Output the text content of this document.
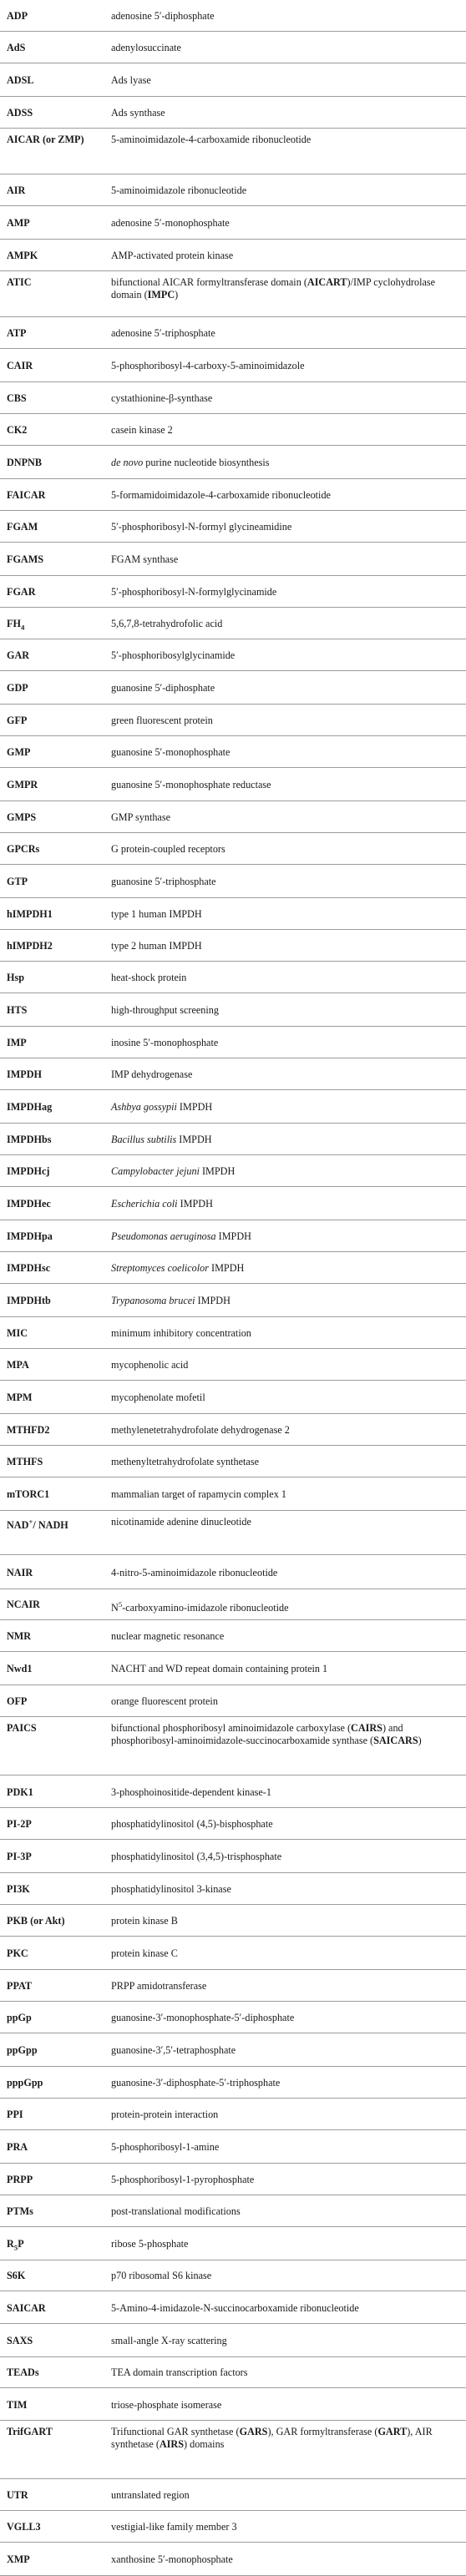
ADP	adenosine 5′-diphosphate
AdS	adenylosuccinate
ADSL	Ads lyase
ADSS	Ads synthase
AICAR (or ZMP)	5-aminoimidazole-4-carboxamide ribonucleotide
AIR	5-aminoimidazole ribonucleotide
AMP	adenosine 5′-monophosphate
AMPK	AMP-activated protein kinase
ATIC	bifunctional AICAR formyltransferase domain (AICART)/IMP cyclohydrolase domain (IMPC)
ATP	adenosine 5′-triphosphate
CAIR	5-phosphoribosyl-4-carboxy-5-aminoimidazole
CBS	cystathionine-β-synthase
CK2	casein kinase 2
DNPNB	de novo purine nucleotide biosynthesis
FAICAR	5-formamidoimidazole-4-carboxamide ribonucleotide
FGAM	5′-phosphoribosyl-N-formyl glycineamidine
FGAMS	FGAM synthase
FGAR	5′-phosphoribosyl-N-formylglycinamide
$FH_4$	5,6,7,8-tetrahydrofolic acid
GAR	5′-phosphoribosylglycinamide
GDP	guanosine 5′-diphosphate
GFP	green fluorescent protein
GMP	guanosine 5′-monophosphate
GMPR	guanosine 5′-monophosphate reductase
GMPS	GMP synthase
GPCRs	G protein-coupled receptors
GTP	guanosine 5′-triphosphate
hIMPDH1	type 1 human IMPDH
hIMPDH2	type 2 human IMPDH
Hsp	heat-shock protein
HTS	high-throughput screening
IMP	inosine 5′-monophosphate
IMPDH	IMP dehydrogenase
IMPDHag	Ashbya gossypii IMPDH
IMPDHbs	Bacillus subtilis IMPDH
IMPDHcj	Campylobacter jejuni IMPDH
IMPDHec	Escherichia coli IMPDH
IMPDHpa	Pseudomonas aeruginosa IMPDH
IMPDHsc	Streptomyces coelicolor IMPDH
IMPDHtb	Trypanosoma brucei IMPDH
MIC	minimum inhibitory concentration
MPA	mycophenolic acid
MPM	mycophenolate mofetil
MTHFD2	methylenetetrahydrofolate dehydrogenase 2
MTHFS	methenyltetrahydrofolate synthetase
mTORC1	mammalian target of rapamycin complex 1
NAD+/ NADH	nicotinamide adenine dinucleotide
NAIR	4-nitro-5-aminoimidazole ribonucleotide
NCAIR	$N^5-carboxyamino$-imidazole ribonucleotide
NMR	nuclear magnetic resonance
Nwd1	NACHT and WD repeat domain containing protein 1
OFP	orange fluorescent protein
PAICS	bifunctional phosphoribosyl aminoimidazole carboxylase (CAIRS) and phosphoribosyl-aminoimidazole-succinocarboxamide synthase (SAICARS)
PDK1	3-phosphoinositide-dependent kinase-1
PI-2P	phosphatidylinositol (4,5)-bisphosphate
PI-3P	phosphatidylinositol (3,4,5)-trisphosphate
PI3K	phosphatidylinositol 3-kinase
PKB (or Akt)	protein kinase B
PKC	protein kinase C
PPAT	PRPP amidotransferase
ppGp	guanosine-3′-monophosphate-5′-diphosphate
ppGpp	guanosine-3′,5′-tetraphosphate
pppGpp	guanosine-3′-diphosphate-5′-triphosphate
PPI	protein-protein interaction
PRA	5-phosphoribosyl-1-amine
PRPP	5-phosphoribosyl-1-pyrophosphate
PTMs	post-translational modifications
$R_5P$	ribose 5-phosphate
S6K	p70 ribosomal S6 kinase
SAICAR	5-Amino-4-imidazole-N-succinocarboxamide ribonucleotide
SAXS	small-angle X-ray scattering
TEADs	TEA domain transcription factors
TIM	triose-phosphate isomerase
TrifGART	Trifunctional GAR synthetase (GARS), GAR formyltransferase (GART), AIR synthetase (AIRS) domains
UTR	untranslated region
VGLL3	vestigial-like family member 3
XMP	xanthosine 5′-monophosphate
